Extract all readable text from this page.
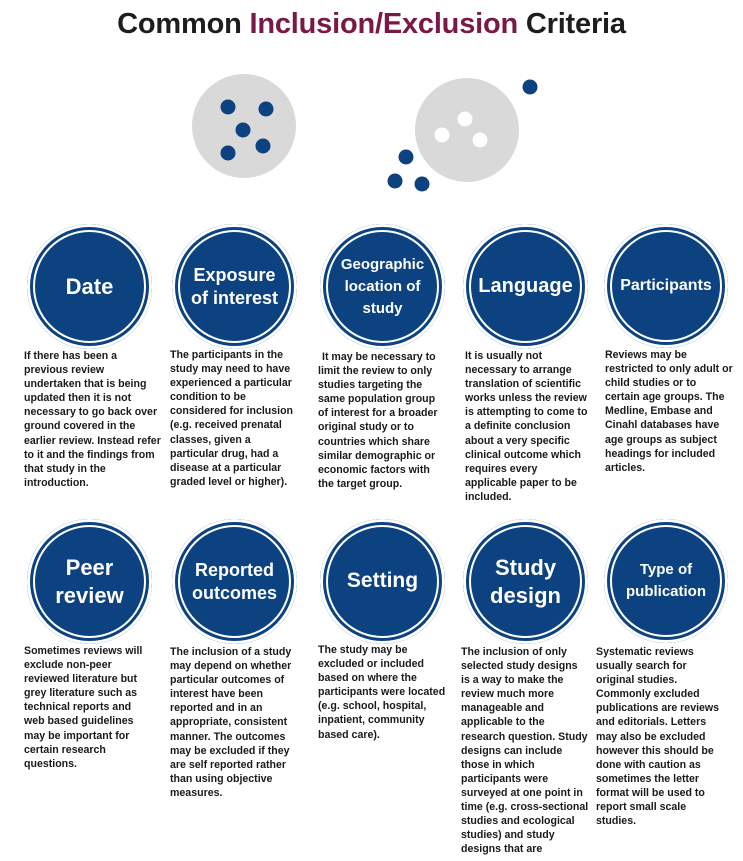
Common Inclusion/Exclusion Criteria
Date
If there has been a previous review undertaken that is being updated then it is not necessary to go back over ground covered in the earlier review. Instead refer to it and the findings from that study in the introduction.
Exposure of interest
The participants in the study may need to have experienced a particular condition to be considered for inclusion (e.g. received prenatal classes, given a particular drug, had a disease at a particular graded level or higher).
Geographic location of study
It may be necessary to limit the review to only studies targeting the same population group of interest for a broader original study or to countries which share similar demographic or economic factors with the target group.
Language
It is usually not necessary to arrange translation of scientific works unless the review is attempting to come to a definite conclusion about a very specific clinical outcome which requires every applicable paper to be included.
Participants
Reviews may be restricted to only adult or child studies or to certain age groups. The Medline, Embase and Cinahl databases have age groups as subject headings for included articles.
Peer review
Sometimes reviews will exclude non-peer reviewed literature but grey literature such as technical reports and web based guidelines may be important for certain research questions.
Reported outcomes
The inclusion of a study may depend on whether particular outcomes of interest have been reported and in an appropriate, consistent manner. The outcomes may be excluded if they are self reported rather than using objective measures.
Setting
The study may be excluded or included based on where the participants were located (e.g. school, hospital, inpatient, community based care).
Study design
The inclusion of only selected study designs is a way to make the review much more manageable and applicable to the research question. Study designs can include those in which participants were surveyed at one point in time (e.g. cross-sectional studies and ecological studies) and study designs that are
Type of publication
Systematic reviews usually search for original studies. Commonly excluded publications are reviews and editorials. Letters may also be excluded however this should be done with caution as sometimes the letter format will be used to report small scale studies.
